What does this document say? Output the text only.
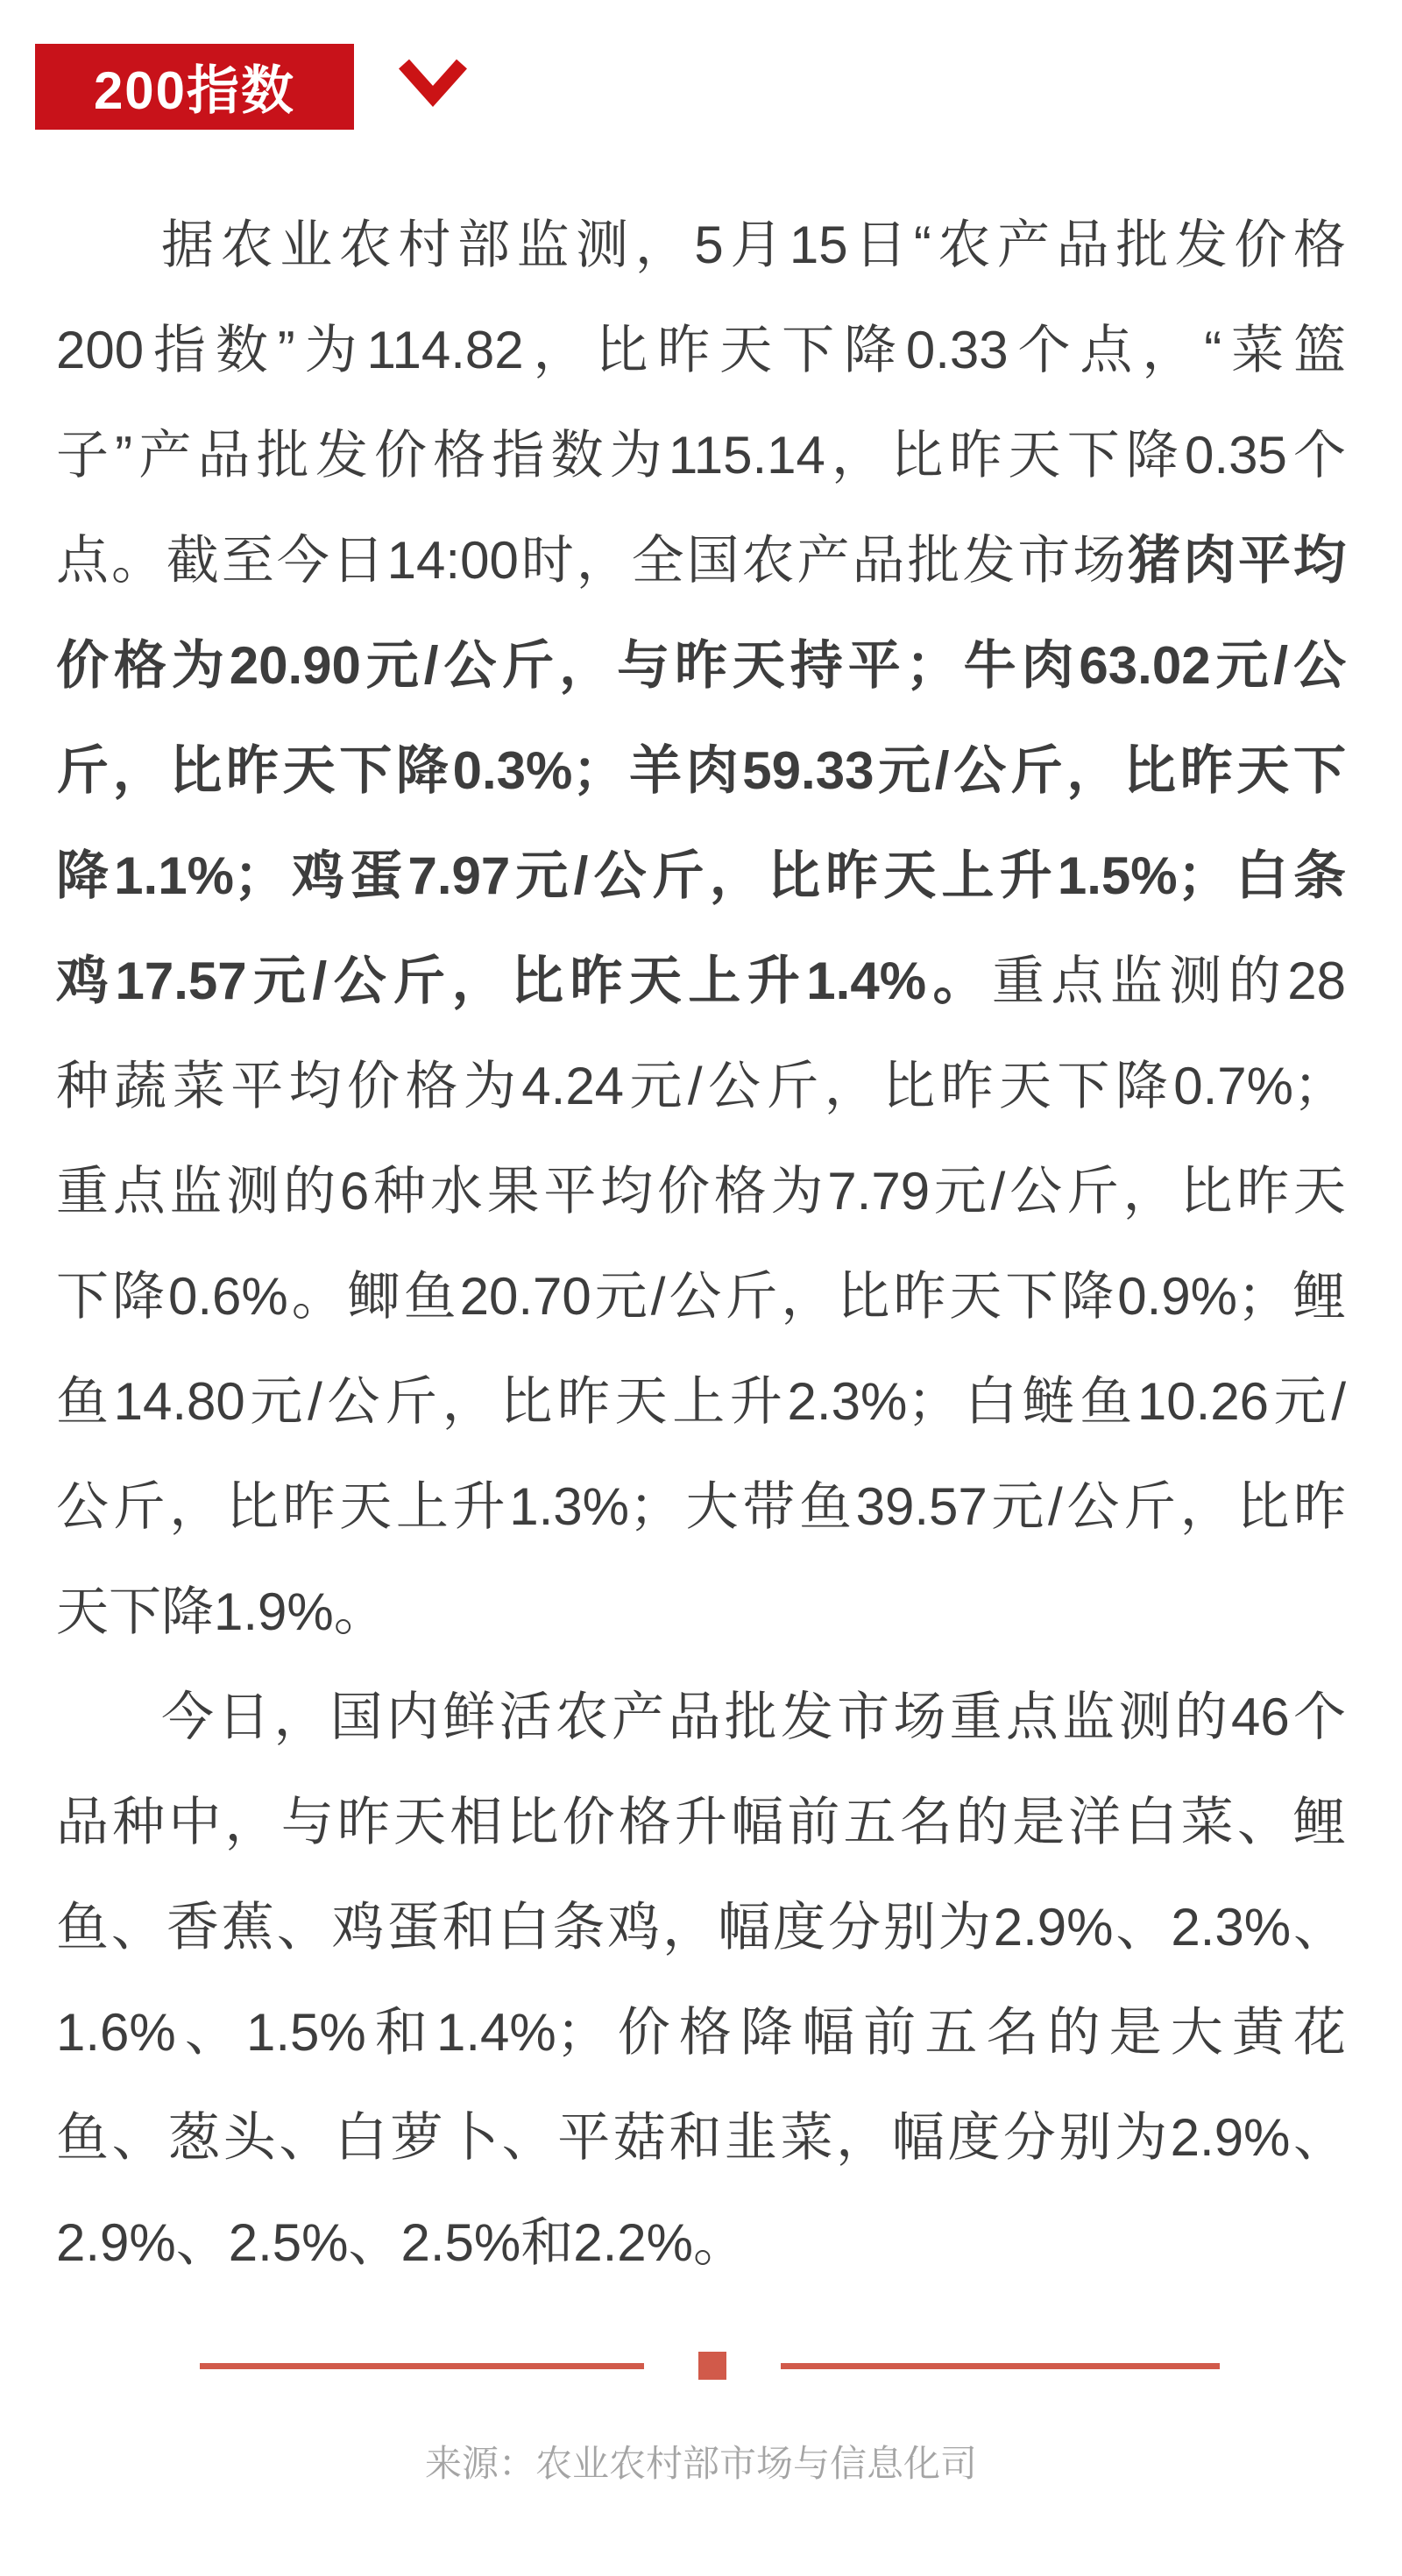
200指数
据农业农村部监测，5月15日“农产品批发价格
200指数”为114.82，比昨天下降0.33个点，“菜篮
子”产品批发价格指数为115.14，比昨天下降0.35个
点。截至今日14:00时，全国农产品批发市场猪肉平均
价格为20.90元/公斤，与昨天持平；牛肉63.02元/公
斤，比昨天下降0.3%；羊肉59.33元/公斤，比昨天下
降1.1%；鸡蛋7.97元/公斤，比昨天上升1.5%；白条
鸡17.57元/公斤，比昨天上升1.4%。重点监测的28
种蔬菜平均价格为4.24元/公斤，比昨天下降0.7%；
重点监测的6种水果平均价格为7.79元/公斤，比昨天
下降0.6%。鲫鱼20.70元/公斤，比昨天下降0.9%；鲤
鱼14.80元/公斤，比昨天上升2.3%；白鲢鱼10.26元/
公斤，比昨天上升1.3%；大带鱼39.57元/公斤，比昨
天下降1.9%。
今日，国内鲜活农产品批发市场重点监测的46个
品种中，与昨天相比价格升幅前五名的是洋白菜、鲤
鱼、香蕉、鸡蛋和白条鸡，幅度分别为2.9%、2.3%、
1.6%、1.5%和1.4%；价格降幅前五名的是大黄花
鱼、葱头、白萝卜、平菇和韭菜，幅度分别为2.9%、
2.9%、2.5%、2.5%和2.2%。
来源：农业农村部市场与信息化司
